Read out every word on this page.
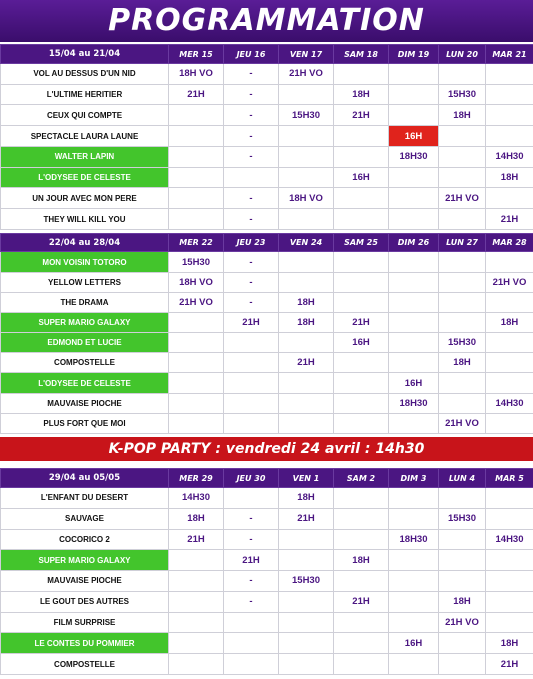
PROGRAMMATION
15/04 au 21/04	MER 15	JEU 16	VEN 17	SAM 18	DIM 19	LUN 20	MAR 21
VOL AU DESSUS D'UN NID	18H VO	-	21H VO				
L'ULTIME HERITIER	21H	-		18H		15H30	
CEUX QUI COMPTE		-	15H30	21H		18H	
SPECTACLE LAURA LAUNE		-			16H		
WALTER LAPIN		-			18H30		14H30
L'ODYSEE DE CELESTE				16H			18H
UN JOUR AVEC MON PERE		-	18H VO			21H VO	
THEY WILL KILL YOU		-					21H
22/04 au 28/04	MER 22	JEU 23	VEN 24	SAM 25	DIM 26	LUN 27	MAR 28
MON VOISIN TOTORO	15H30	-					
YELLOW LETTERS	18H VO	-					21H VO
THE DRAMA	21H VO	-	18H				
SUPER MARIO GALAXY		21H	18H	21H			18H
EDMOND ET LUCIE				16H		15H30	
COMPOSTELLE			21H			18H	
L'ODYSEE DE CELESTE					16H		
MAUVAISE PIOCHE					18H30		14H30
PLUS FORT QUE MOI						21H VO	
K-POP PARTY : vendredi 24 avril : 14h30
29/04 au 05/05	MER 29	JEU 30	VEN 1	SAM 2	DIM 3	LUN 4	MAR 5
L'ENFANT DU DESERT	14H30		18H				
SAUVAGE	18H	-	21H			15H30	
COCORICO 2	21H	-			18H30		14H30
SUPER MARIO GALAXY		21H		18H			
MAUVAISE PIOCHE		-	15H30				
LE GOUT DES AUTRES		-		21H		18H	
FILM SURPRISE						21H VO	
LE CONTES DU POMMIER					16H		18H
COMPOSTELLE							21H
